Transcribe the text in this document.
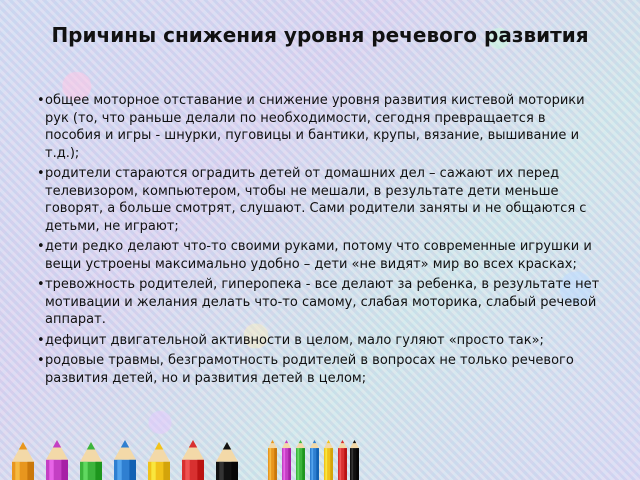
Причины снижения уровня речевого развития
•общее моторное отставание и снижение уровня развития кистевой моторики рук (то, что раньше делали по необходимости, сегодня превращается в пособия и игры - шнурки, пуговицы и бантики, крупы, вязание, вышивание и т.д.);
•родители стараются оградить детей от домашних дел – сажают их перед телевизором, компьютером, чтобы не мешали, в результате дети меньше говорят, а больше смотрят, слушают. Сами родители заняты и не общаются с детьми, не играют;
•дети редко делают что-то своими руками, потому что современные игрушки и вещи устроены максимально удобно – дети «не видят» мир во всех красках;
•тревожность родителей, гиперопека - все делают за ребенка, в результате нет мотивации и желания делать что-то самому, слабая моторика, слабый речевой аппарат.
•дефицит двигательной активности в целом, мало гуляют «просто так»;
•родовые травмы, безграмотность родителей в вопросах не только речевого развития детей, но и развития детей в целом;
